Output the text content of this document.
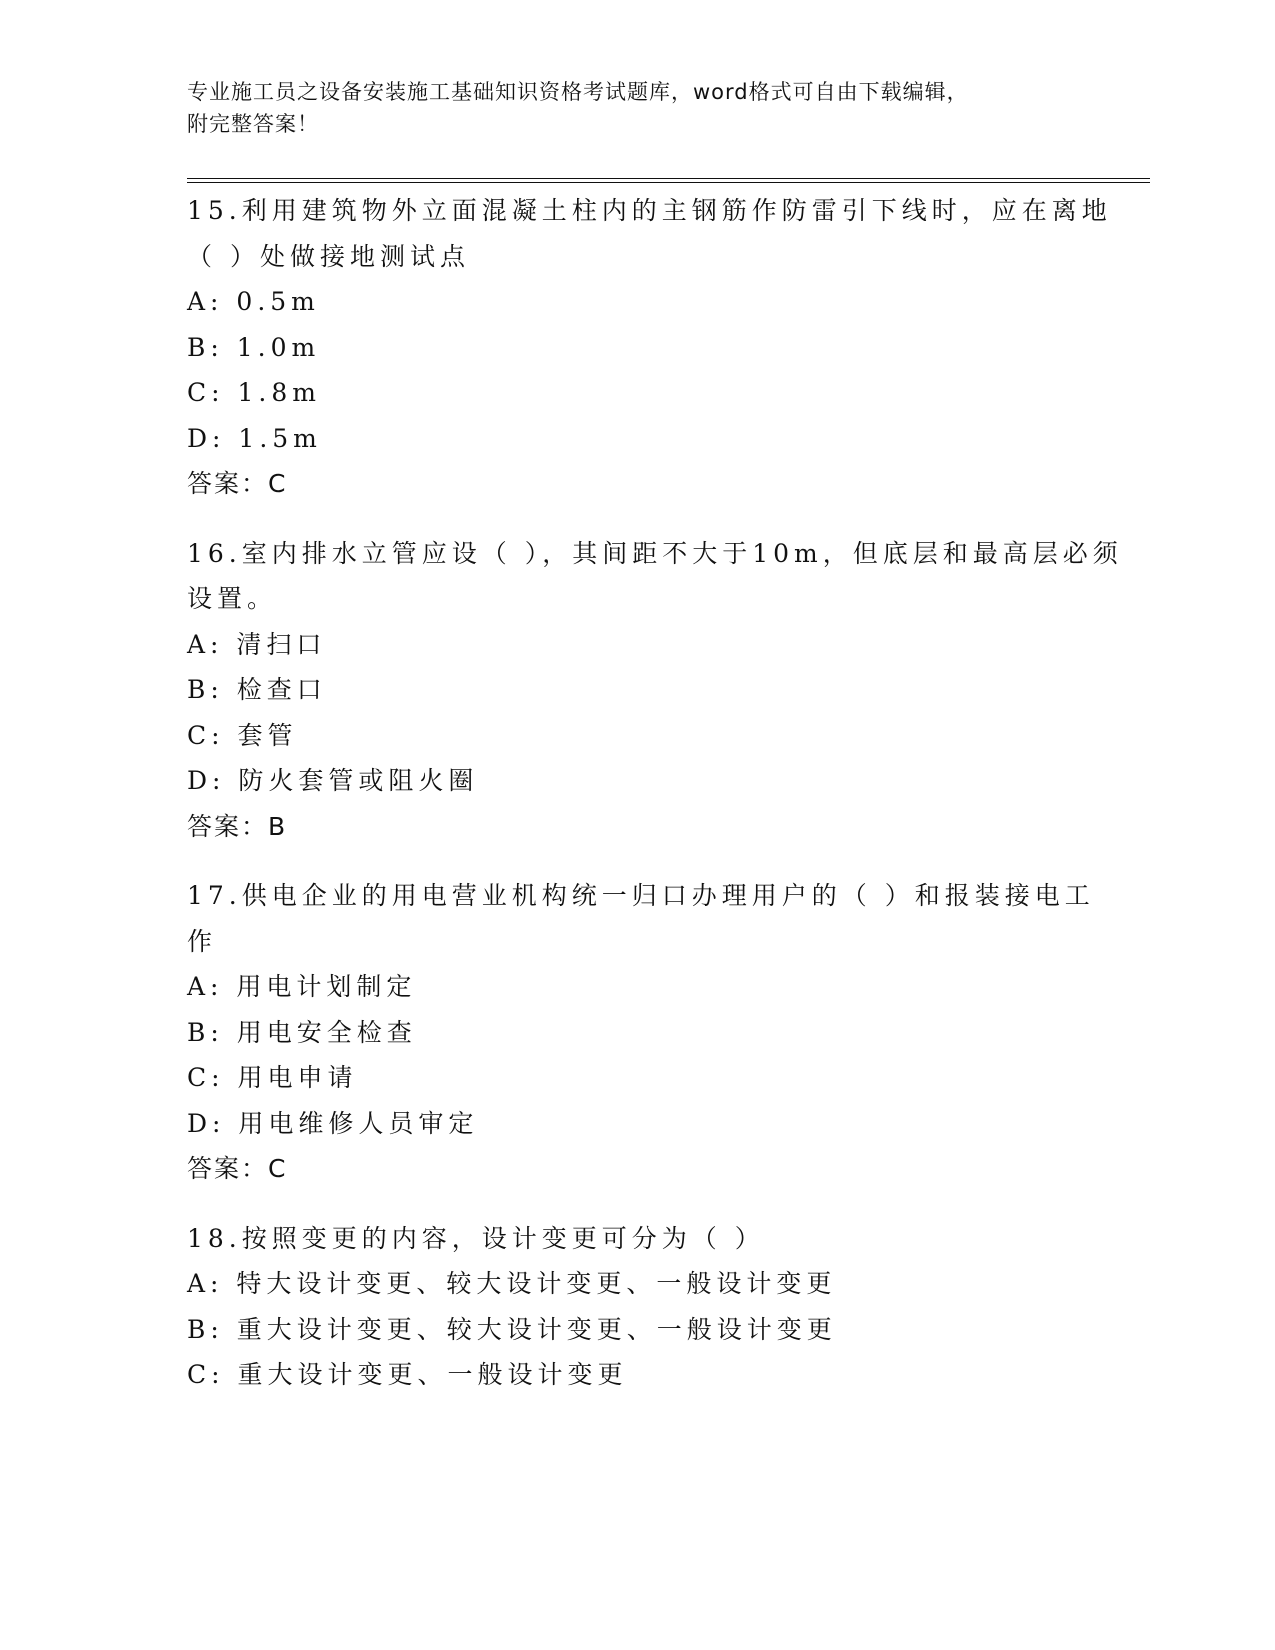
专业施工员之设备安装施工基础知识资格考试题库，word格式可自由下载编辑，
附完整答案！
15.利用建筑物外立面混凝土柱内的主钢筋作防雷引下线时，应在离地
（ ）处做接地测试点
A: 0.5m
B: 1.0m
C: 1.8m
D: 1.5m
答案：C
16.室内排水立管应设（ ），其间距不大于10m，但底层和最高层必须
设置。
A: 清扫口
B: 检查口
C: 套管
D: 防火套管或阻火圈
答案：B
17.供电企业的用电营业机构统一归口办理用户的（ ）和报装接电工
作
A: 用电计划制定
B: 用电安全检查
C: 用电申请
D: 用电维修人员审定
答案：C
18.按照变更的内容，设计变更可分为（ ）
A: 特大设计变更、较大设计变更、一般设计变更
B: 重大设计变更、较大设计变更、一般设计变更
C: 重大设计变更、一般设计变更
